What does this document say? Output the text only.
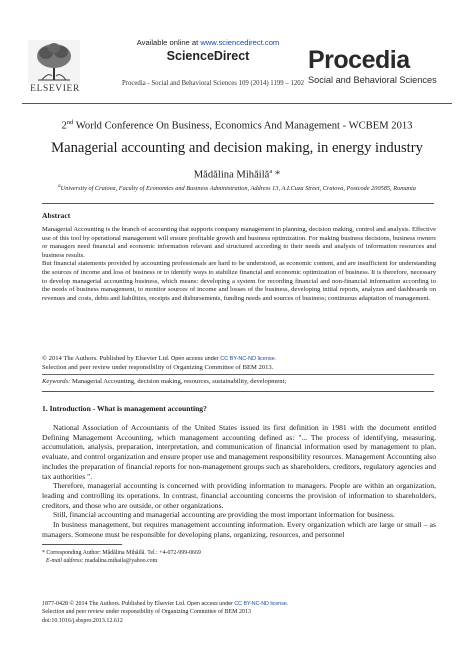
ELSEVIER
Available online at www.sciencedirect.com
ScienceDirect
Procedia - Social and Behavioral Sciences 109 (2014) 1199 – 1202
Procedia
Social and Behavioral Sciences
2nd World Conference On Business, Economics And Management - WCBEM 2013
Managerial accounting and decision making, in energy industry
Mădălina Mihăilă$^a$ *
$^a$University of Craiova, Faculty of Economics and Business Administration, Address 13, A.I.Cuza Street, Craiova, Postcode 200585, Romania
Abstract

Managerial Accounting is the branch of accounting that supports company management in planning, decision making, control and analysis. Effective use of this tool by operational management will ensure profitable growth and business optimization. For making business decisions, business owners or managers need financial and economic information relevant and structured according to their needs and analysis of information resources and business results.

But financial statements provided by accounting professionals are hard to be understood, as economic content, and are insufficient for understanding the sources of income and loss of business or to identify ways to stabilize financial and economic optimization of business. It is therefore, necessary to develop managerial accounting business, which means: developing a system for recording financial and non-financial information according to the needs of business management, to monitor sources of income and losses of the business, developing initial reports, analyzes and dashboards on revenues and costs, debts and liabilities, receipts and disbursements, funding needs and sources of business; continuous adaptation of management.

© 2014 The Authors. Published by Elsevier Ltd. Open access under CC BY-NC-ND license.
Selection and peer review under responsibility of Organizing Committee of BEM 2013.
Keywords: Managerial Accounting, decision making, resources, sustainability, development;
1. Introduction - What is management accounting?

National Association of Accountants of the United States issued its first definition in 1981 with the document entitled Defining Management Accounting, which management accounting defined as: "... The process of identifying, measuring, accumulation, analysis, preparation, interpretation, and communication of financial information used by management to plan, evaluate, and control organization and ensure proper use and management responsibility resources. Management Accounting also includes the preparation of financial reports for non-management groups such as shareholders, creditors, regulatory agencies and tax authorities ".

Therefore, managerial accounting is concerned with providing information to managers. People are within an organization, leading and controlling its operations. In contrast, financial accounting concerns the provision of information to shareholders, creditors, and those who are outside, or other organizations.

Still, financial accounting and managerial accounting are providing the most important information for business.

In business management, but requires management accounting information. Every organization which are large or small – as managers. Someone must be responsible for developing plans, organizing, resources, and personnel

* Corresponding Author: Mădălina Mihăilă. Tel.: +4-072-999-0669
E-mail address: madalina.mihaila@yahoo.com
1877-0428 © 2014 The Authors. Published by Elsevier Ltd. Open access under CC BY-NC-ND license.
Selection and peer review under responsibility of Organizing Committee of BEM 2013
doi:10.1016/j.sbspro.2013.12.612
